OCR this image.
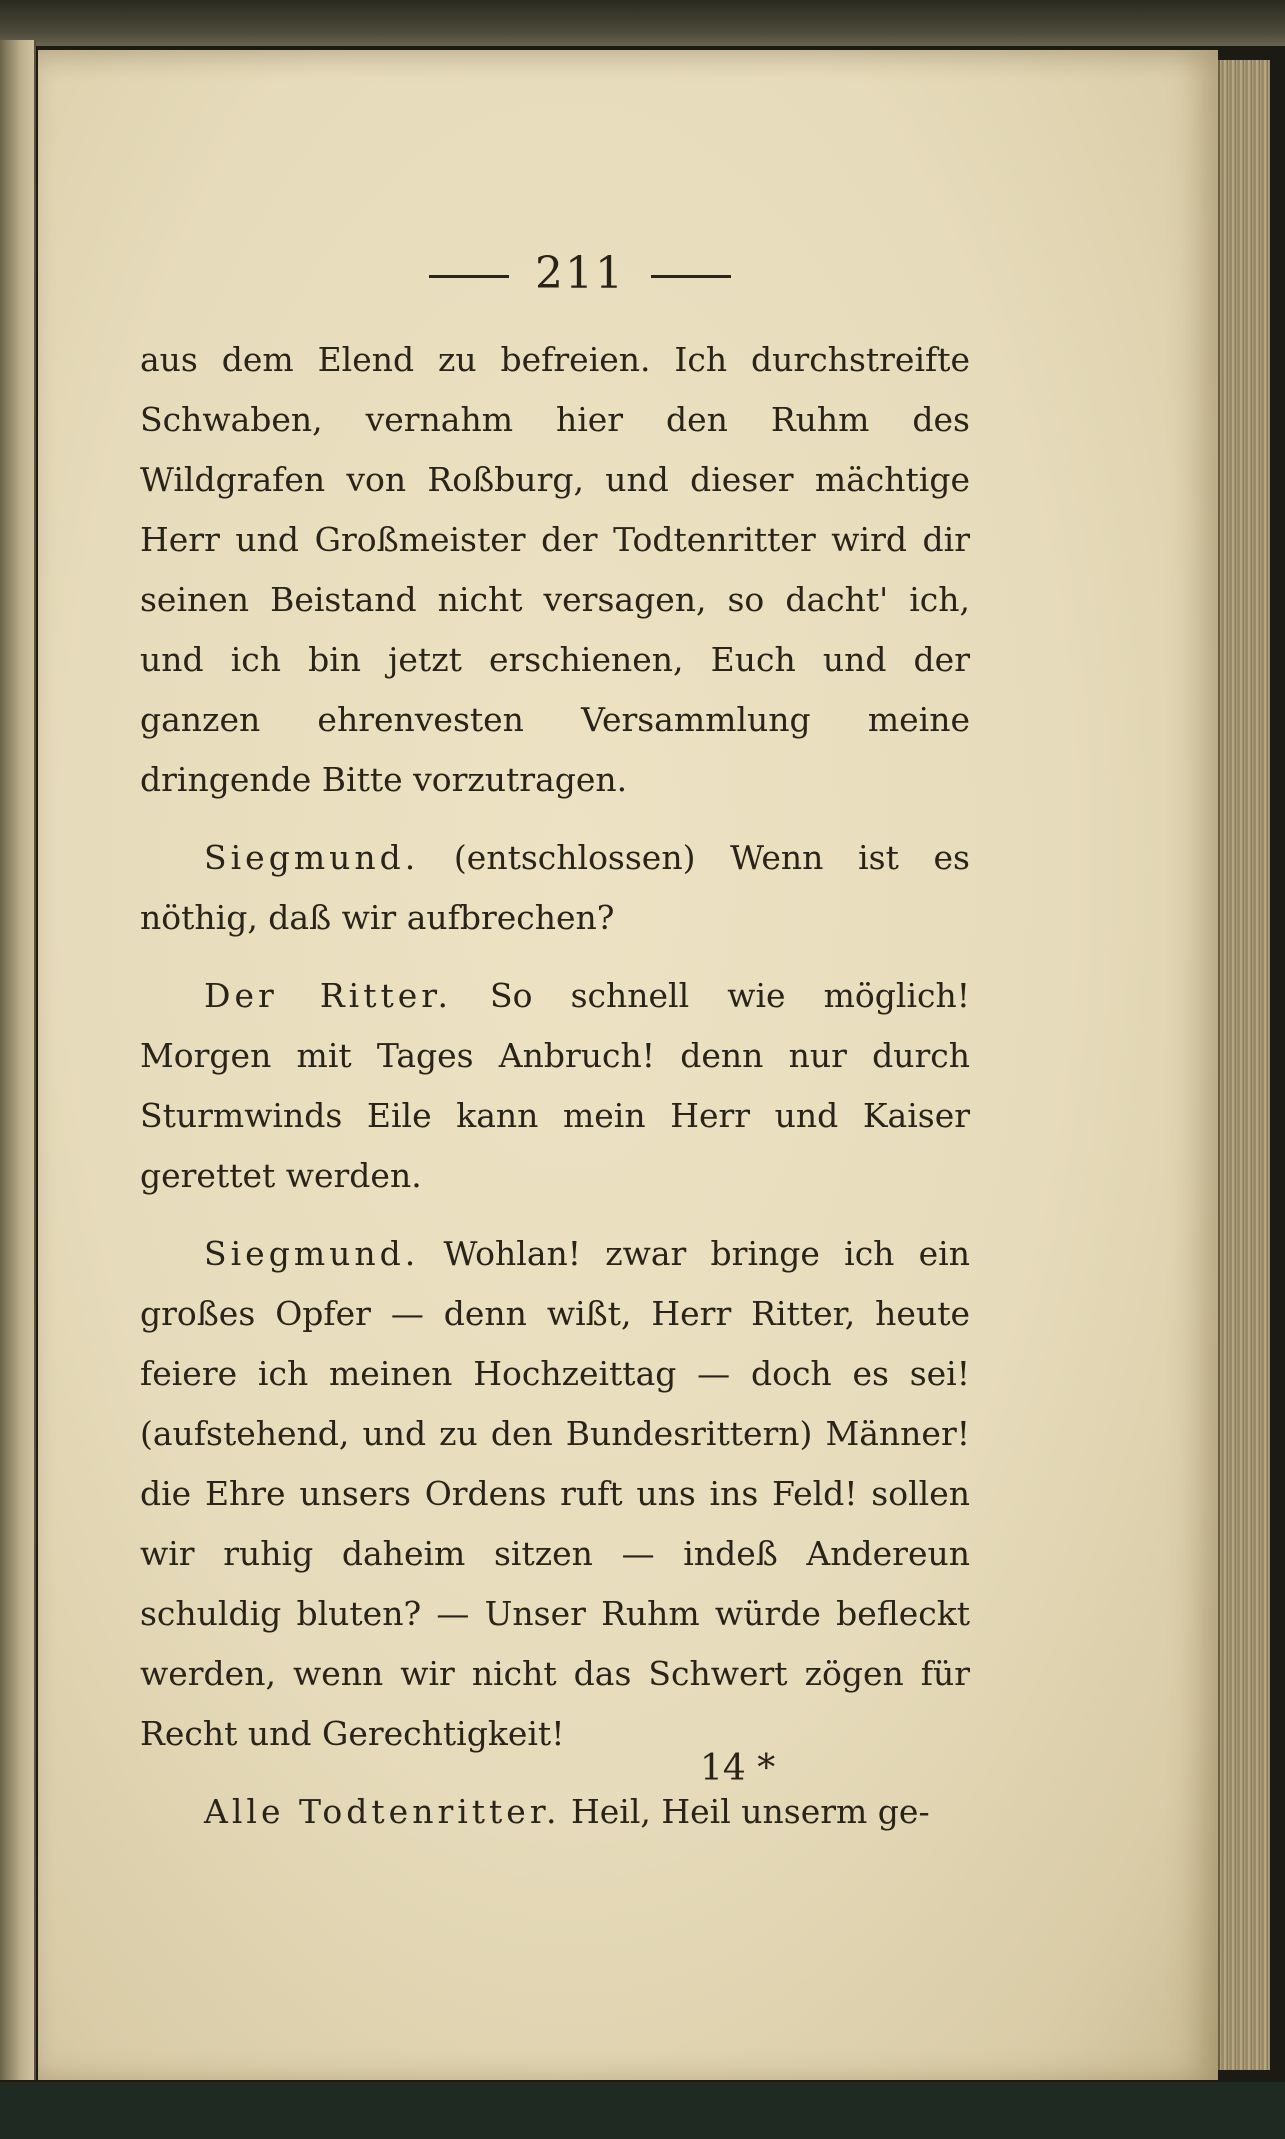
211

aus dem Elend zu befreien. Ich durchstreifte Schwaben, vernahm hier den Ruhm des Wildgrafen von Roßburg, und dieser mächtige Herr und Großmeister der Todtenritter wird dir seinen Beistand nicht versagen, so dacht' ich, und ich bin jetzt erschienen, Euch und der ganzen ehrenvesten Versammlung meine dringende Bitte vorzutragen.

Siegmund. (entschlossen) Wenn ist es nöthig, daß wir aufbrechen?

Der Ritter. So schnell wie möglich! Morgen mit Tages Anbruch! denn nur durch Sturmwinds Eile kann mein Herr und Kaiser gerettet werden.

Siegmund. Wohlan! zwar bringe ich ein großes Opfer — denn wißt, Herr Ritter, heute feiere ich meinen Hochzeittag — doch es sei! (aufstehend, und zu den Bundesrittern) Männer! die Ehre unsers Ordens ruft uns ins Feld! sollen wir ruhig daheim sitzen — indeß Andereun schuldig bluten? — Unser Ruhm würde befleckt werden, wenn wir nicht das Schwert zögen für Recht und Gerechtigkeit!

Alle Todtenritter. Heil, Heil unserm ge-

14 *
